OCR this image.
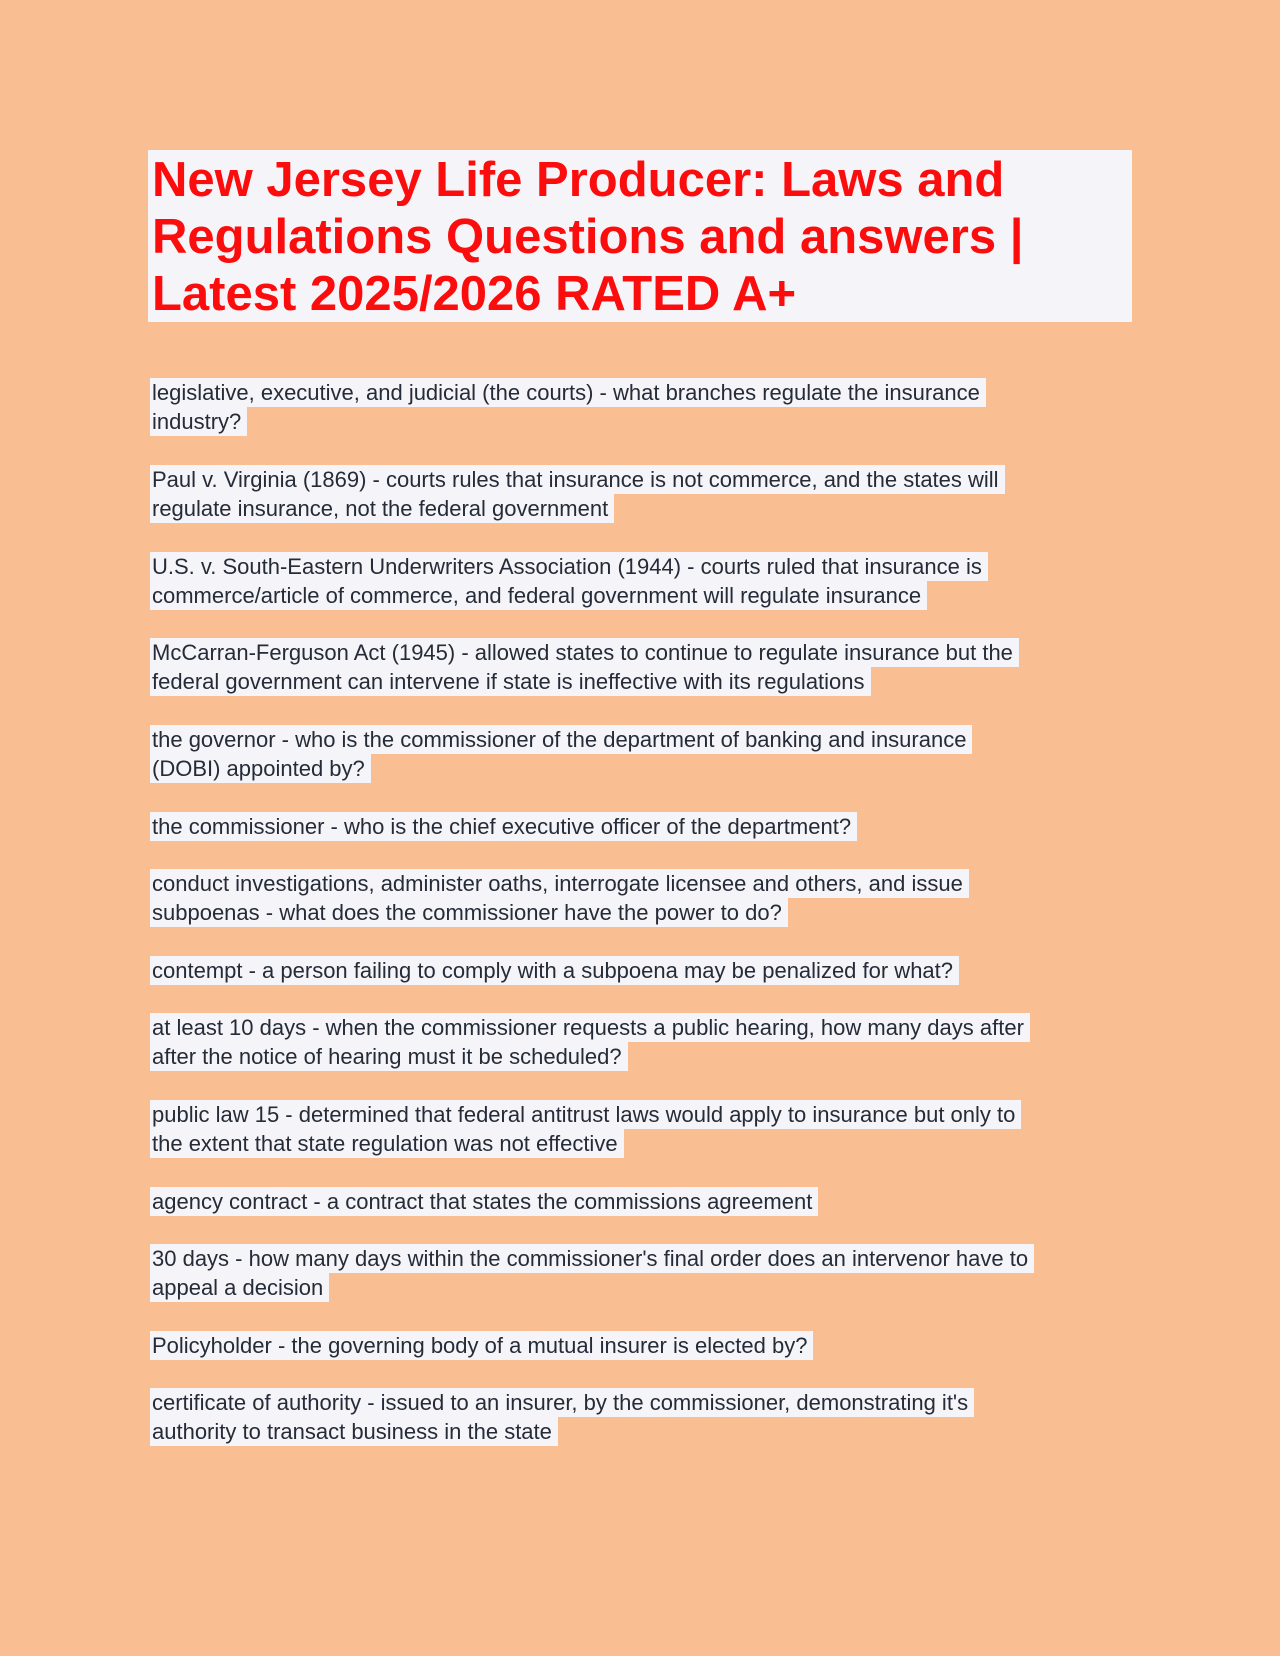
New Jersey Life Producer: Laws and
Regulations Questions and answers |
Latest 2025/2026 RATED A+
legislative, executive, and judicial (the courts) - what branches regulate the insurance
industry?
Paul v. Virginia (1869) - courts rules that insurance is not commerce, and the states will
regulate insurance, not the federal government
U.S. v. South-Eastern Underwriters Association (1944) - courts ruled that insurance is
commerce/article of commerce, and federal government will regulate insurance
McCarran-Ferguson Act (1945) - allowed states to continue to regulate insurance but the
federal government can intervene if state is ineffective with its regulations
the governor - who is the commissioner of the department of banking and insurance
(DOBI) appointed by?
the commissioner - who is the chief executive officer of the department?
conduct investigations, administer oaths, interrogate licensee and others, and issue
subpoenas - what does the commissioner have the power to do?
contempt - a person failing to comply with a subpoena may be penalized for what?
at least 10 days - when the commissioner requests a public hearing, how many days after
after the notice of hearing must it be scheduled?
public law 15 - determined that federal antitrust laws would apply to insurance but only to
the extent that state regulation was not effective
agency contract - a contract that states the commissions agreement
30 days - how many days within the commissioner's final order does an intervenor have to
appeal a decision
Policyholder - the governing body of a mutual insurer is elected by?
certificate of authority - issued to an insurer, by the commissioner, demonstrating it's
authority to transact business in the state
